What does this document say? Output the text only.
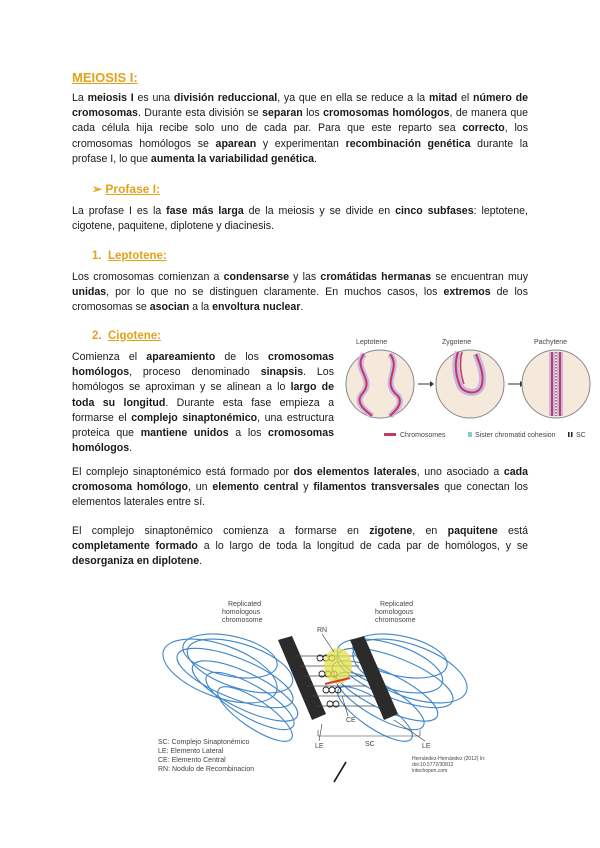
MEIOSIS I:

La meiosis I es una división reduccional, ya que en ella se reduce a la mitad el número de cromosomas. Durante esta división se separan los cromosomas homólogos, de manera que cada célula hija recibe solo uno de cada par. Para que este reparto sea correcto, los cromosomas homólogos se aparean y experimentan recombinación genética durante la profase I, lo que aumenta la variabilidad genética.

➢ Profase I:

La profase I es la fase más larga de la meiosis y se divide en cinco subfases: leptotene, cigotene, paquitene, diplotene y diacinesis.

1. Leptotene:

Los cromosomas comienzan a condensarse y las cromátidas hermanas se encuentran muy unidas, por lo que no se distinguen claramente. En muchos casos, los extremos de los cromosomas se asocian a la envoltura nuclear.

2. Cigotene:

Comienza el apareamiento de los cromosomas homólogos, proceso denominado sinapsis. Los homólogos se aproximan y se alinean a lo largo de toda su longitud. Durante esta fase empieza a formarse el complejo sinaptonémico, una estructura proteica que mantiene unidos a los cromosomas homólogos.

Leptotene	Zygotene	Pachytene
Chromosomes	Sister chromatid cohesion	SC

El complejo sinaptonémico está formado por dos elementos laterales, uno asociado a cada cromosoma homólogo, un elemento central y filamentos transversales que conectan los elementos laterales entre sí.

El complejo sinaptonémico comienza a formarse en zigotene, en paquitene está completamente formado a lo largo de toda la longitud de cada par de homólogos, y se desorganiza en diplotene.

Replicated
homologous
chromosome
Replicated
homologous
chromosome
RN
CE
SC
LE	LE
SC: Complejo Sinaptonémico
LE: Elemento Lateral
CE: Elemento Central
RN: Nodulo de Recombinacion
Hernández-Hernández (2012) In:
doi:10.5772/30812
intechopen.com
